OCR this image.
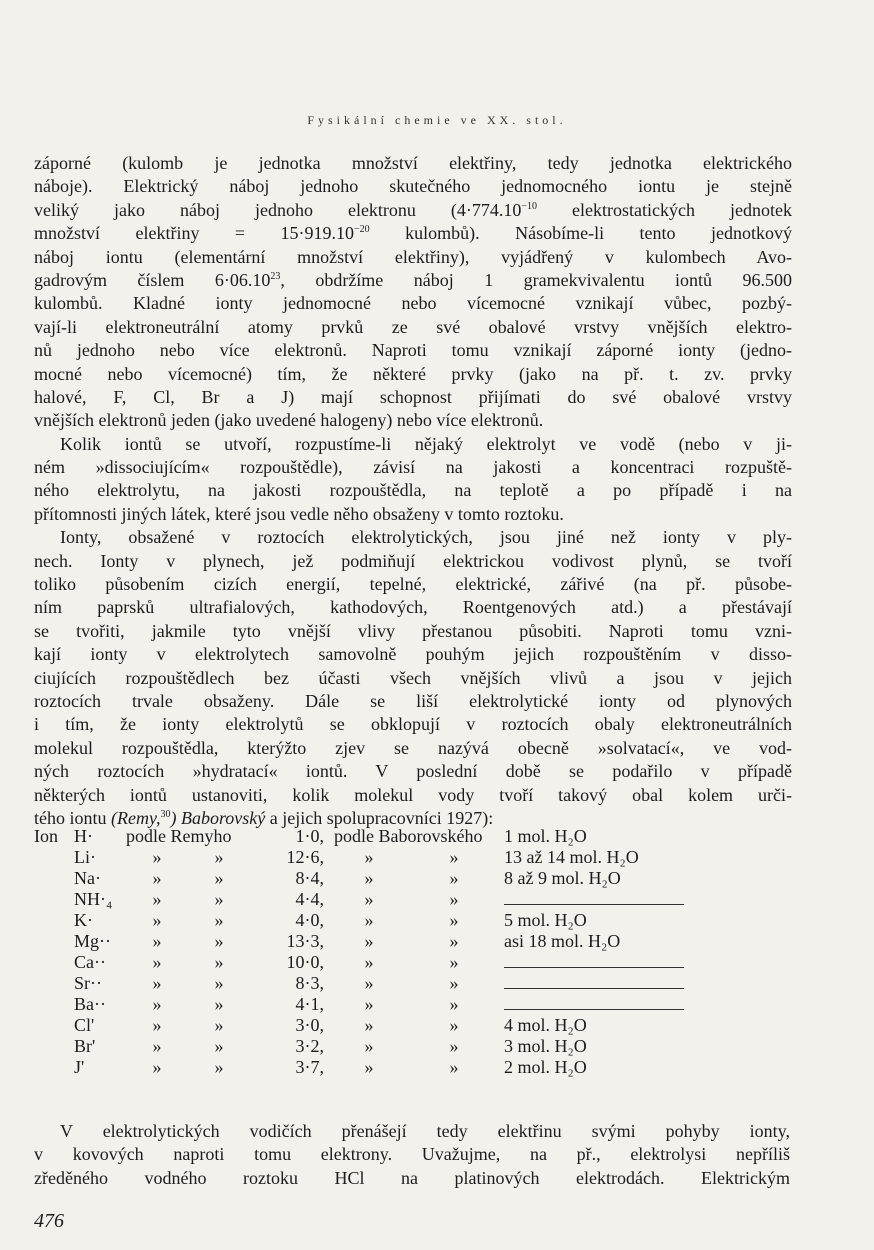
Fysikální chemie ve XX. stol.
záporné (kulomb je jednotka množství elektřiny, tedy jednotka elektrického
náboje). Elektrický náboj jednoho skutečného jednomocného iontu je stejně
veliký jako náboj jednoho elektronu ($4\cdot 774.10^{-10}$ elektrostatických jednotek
množství elektřiny = $15\cdot 919.10^{-20}$ kulombů). Násobíme-li tento jednotkový
náboj iontu (elementární množství elektřiny), vyjádřený v kulombech Avo-
gadrovým číslem $6\cdot 06.10^{23}$, obdržíme náboj 1 gramekvivalentu iontů 96.500
kulombů. Kladné ionty jednomocné nebo vícemocné vznikají vůbec, pozbý-
vají-li elektroneutrální atomy prvků ze své obalové vrstvy vnějších elektro-
nů jednoho nebo více elektronů. Naproti tomu vznikají záporné ionty (jedno-
mocné nebo vícemocné) tím, že některé prvky (jako na př. t. zv. prvky
halové, F, Cl, Br a J) mají schopnost přijímati do své obalové vrstvy
vnějších elektronů jeden (jako uvedené halogeny) nebo více elektronů.
Kolik iontů se utvoří, rozpustíme-li nějaký elektrolyt ve vodě (nebo v ji-
ném »dissociujícím« rozpouštědle), závisí na jakosti a koncentraci rozpuště-
ného elektrolytu, na jakosti rozpouštědla, na teplotě a po případě i na
přítomnosti jiných látek, které jsou vedle něho obsaženy v tomto roztoku.
Ionty, obsažené v roztocích elektrolytických, jsou jiné než ionty v ply-
nech. Ionty v plynech, jež podmiňují elektrickou vodivost plynů, se tvoří
toliko působením cizích energií, tepelné, elektrické, zářivé (na př. působe-
ním paprsků ultrafialových, kathodových, Roentgenových atd.) a přestávají
se tvořiti, jakmile tyto vnější vlivy přestanou působiti. Naproti tomu vzni-
kají ionty v elektrolytech samovolně pouhým jejich rozpouštěním v disso-
ciujících rozpouštědlech bez účasti všech vnějších vlivů a jsou v jejich
roztocích trvale obsaženy. Dále se liší elektrolytické ionty od plynových
i tím, že ionty elektrolytů se obklopují v roztocích obaly elektroneutrálních
molekul rozpouštědla, kterýžto zjev se nazývá obecně »solvatací«, ve vod-
ných roztocích »hydratací« iontů. V poslední době se podařilo v případě
některých iontů ustanoviti, kolik molekul vody tvoří takový obal kolem urči-
tého iontu (Remy,$^{30}$) Baborovský a jejich spolupracovníci 1927):
Ion	H·	podle Remyho		1·0,	podle Baborovského		1 mol. H₂O
	Li·	»	»	12·6,	»	»	13 až 14 mol. H₂O
	Na·	»	»	8·4,	»	»	8 až 9 mol. H₂O
	NH·₄	»	»	4·4,	»	»	
	K·	»	»	4·0,	»	»	5 mol. H₂O
	Mg··	»	»	13·3,	»	»	asi 18 mol. H₂O
	Ca··	»	»	10·0,	»	»	
	Sr··	»	»	8·3,	»	»	
	Ba··	»	»	4·1,	»	»	
	Cl'	»	»	3·0,	»	»	4 mol. H₂O
	Br'	»	»	3·2,	»	»	3 mol. H₂O
	J'	»	»	3·7,	»	»	2 mol. H₂O
V elektrolytických vodičích přenášejí tedy elektřinu svými pohyby ionty,
v kovových naproti tomu elektrony. Uvažujme, na př., elektrolysi nepříliš
zředěného vodného roztoku HCl na platinových elektrodách. Elektrickým
476
